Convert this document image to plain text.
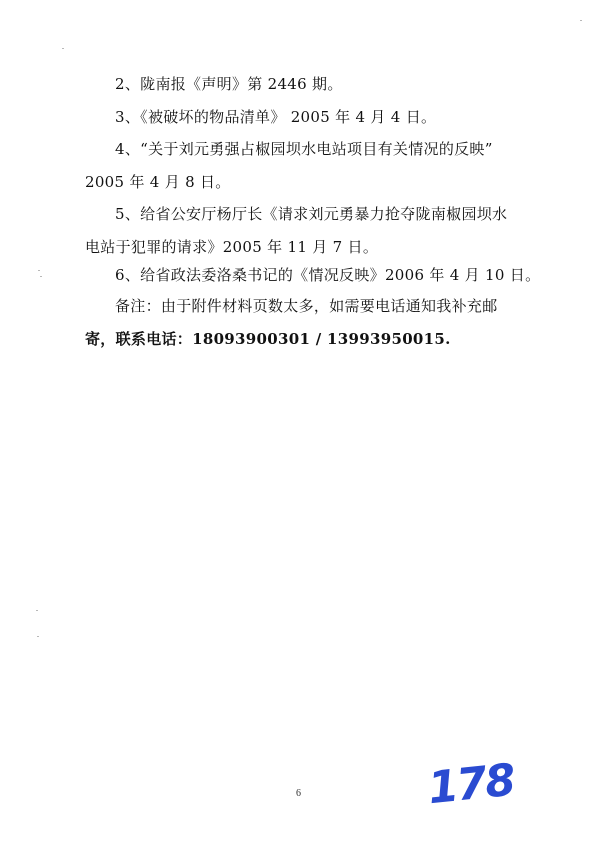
2、陇南报《声明》第 2446 期。

3、《被破坏的物品清单》 2005 年 4 月 4 日。

4、“关于刘元勇强占椒园坝水电站项目有关情况的反映”
2005 年 4 月 8 日。

5、给省公安厅杨厅长《请求刘元勇暴力抢夺陇南椒园坝水
电站于犯罪的请求》2005 年 11 月 7 日。

6、给省政法委洛桑书记的《情况反映》2006 年 4 月 10 日。

备注：由于附件材料页数太多，如需要电话通知我补充邮
寄，联系电话：18093900301 / 13993950015.

6	178
